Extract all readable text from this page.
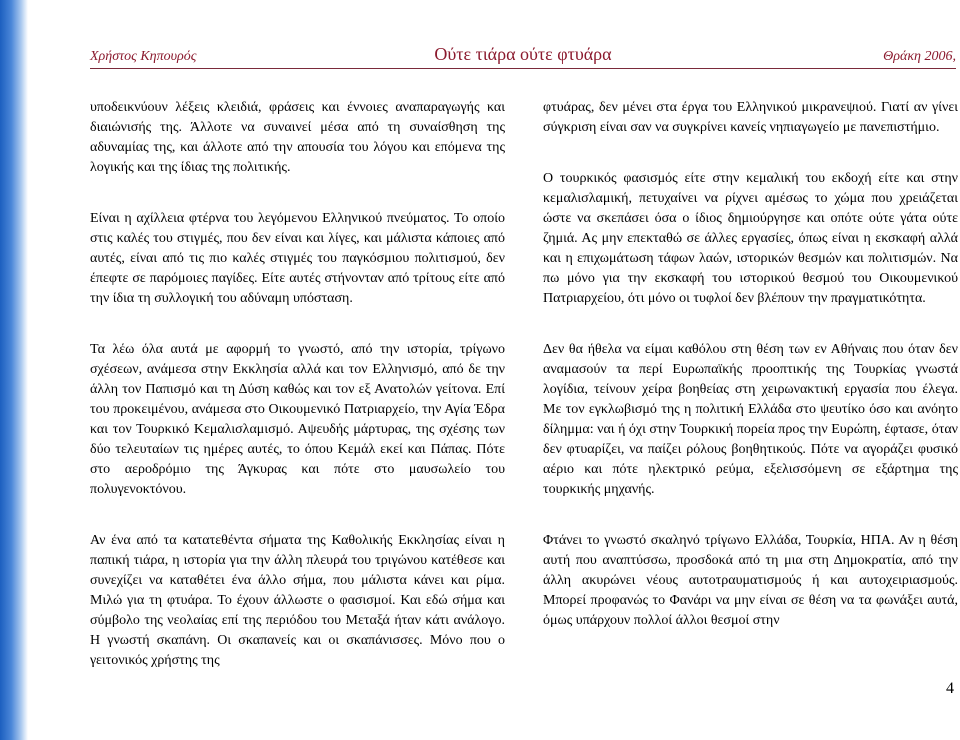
Χρήστος Κηπουρός	Ούτε τιάρα ούτε φτυάρα	Θράκη 2006,

υποδεικνύουν λέξεις κλειδιά, φράσεις και έννοιες αναπαραγωγής και διαιώνισής της. Άλλοτε να συναινεί μέσα από τη συναίσθηση της αδυναμίας της, και άλλοτε από την απουσία του λόγου και επόμενα της λογικής και της ίδιας της πολιτικής.

Είναι η αχίλλεια φτέρνα του λεγόμενου Ελληνικού πνεύματος. Το οποίο στις καλές του στιγμές, που δεν είναι και λίγες, και μάλιστα κάποιες από αυτές, είναι από τις πιο καλές στιγμές του παγκόσμιου πολιτισμού, δεν έπεφτε σε παρόμοιες παγίδες. Είτε αυτές στήνονταν από τρίτους είτε από την ίδια τη συλλογική του αδύναμη υπόσταση.

Τα λέω όλα αυτά με αφορμή το γνωστό, από την ιστορία, τρίγωνο σχέσεων, ανάμεσα στην Εκκλησία αλλά και τον Ελληνισμό, από δε την άλλη τον Παπισμό και τη Δύση καθώς και τον εξ Ανατολών γείτονα. Επί του προκειμένου, ανάμεσα στο Οικουμενικό Πατριαρχείο, την Αγία Έδρα και τον Τουρκικό Κεμαλισλαμισμό. Αψευδής μάρτυρας, της σχέσης των δύο τελευταίων τις ημέρες αυτές, το όπου Κεμάλ εκεί και Πάπας. Πότε στο αεροδρόμιο της Άγκυρας και πότε στο μαυσωλείο του πολυγενοκτόνου.

Αν ένα από τα κατατεθέντα σήματα της Καθολικής Εκκλησίας είναι η παπική τιάρα, η ιστορία για την άλλη πλευρά του τριγώνου κατέθεσε και συνεχίζει να καταθέτει ένα άλλο σήμα, που μάλιστα κάνει και ρίμα. Μιλώ για τη φτυάρα. Το έχουν άλλωστε ο φασισμοί. Και εδώ σήμα και σύμβολο της νεολαίας επί της περιόδου του Μεταξά ήταν κάτι ανάλογο. Η γνωστή σκαπάνη. Οι σκαπανείς και οι σκαπάνισσες. Μόνο που ο γειτονικός χρήστης της

φτυάρας, δεν μένει στα έργα του Ελληνικού μικρανεψιού. Γιατί αν γίνει σύγκριση είναι σαν να συγκρίνει κανείς νηπιαγωγείο με πανεπιστήμιο.

Ο τουρκικός φασισμός είτε στην κεμαλική του εκδοχή είτε και στην κεμαλισλαμική, πετυχαίνει να ρίχνει αμέσως το χώμα που χρειάζεται ώστε να σκεπάσει όσα ο ίδιος δημιούργησε και οπότε ούτε γάτα ούτε ζημιά. Ας μην επεκταθώ σε άλλες εργασίες, όπως είναι η εκσκαφή αλλά και η επιχωμάτωση τάφων λαών, ιστορικών θεσμών και πολιτισμών. Να πω μόνο για την εκσκαφή του ιστορικού θεσμού του Οικουμενικού Πατριαρχείου, ότι μόνο οι τυφλοί δεν βλέπουν την πραγματικότητα.

Δεν θα ήθελα να είμαι καθόλου στη θέση των εν Αθήναις που όταν δεν αναμασούν τα περί Ευρωπαϊκής προοπτικής της Τουρκίας γνωστά λογίδια, τείνουν χείρα βοηθείας στη χειρωνακτική εργασία που έλεγα. Με τον εγκλωβισμό της η πολιτική Ελλάδα στο ψευτίκο όσο και ανόητο δίλημμα: ναι ή όχι στην Τουρκική πορεία προς την Ευρώπη, έφτασε, όταν δεν φτυαρίζει, να παίζει ρόλους βοηθητικούς. Πότε να αγοράζει φυσικό αέριο και πότε ηλεκτρικό ρεύμα, εξελισσόμενη σε εξάρτημα της τουρκικής μηχανής.

Φτάνει το γνωστό σκαληνό τρίγωνο Ελλάδα, Τουρκία, ΗΠΑ. Αν η θέση αυτή που αναπτύσσω, προσδοκά από τη μια στη Δημοκρατία, από την άλλη ακυρώνει νέους αυτοτραυματισμούς ή και αυτοχειριασμούς. Μπορεί προφανώς το Φανάρι να μην είναι σε θέση να τα φωνάξει αυτά, όμως υπάρχουν πολλοί άλλοι θεσμοί στην

4
